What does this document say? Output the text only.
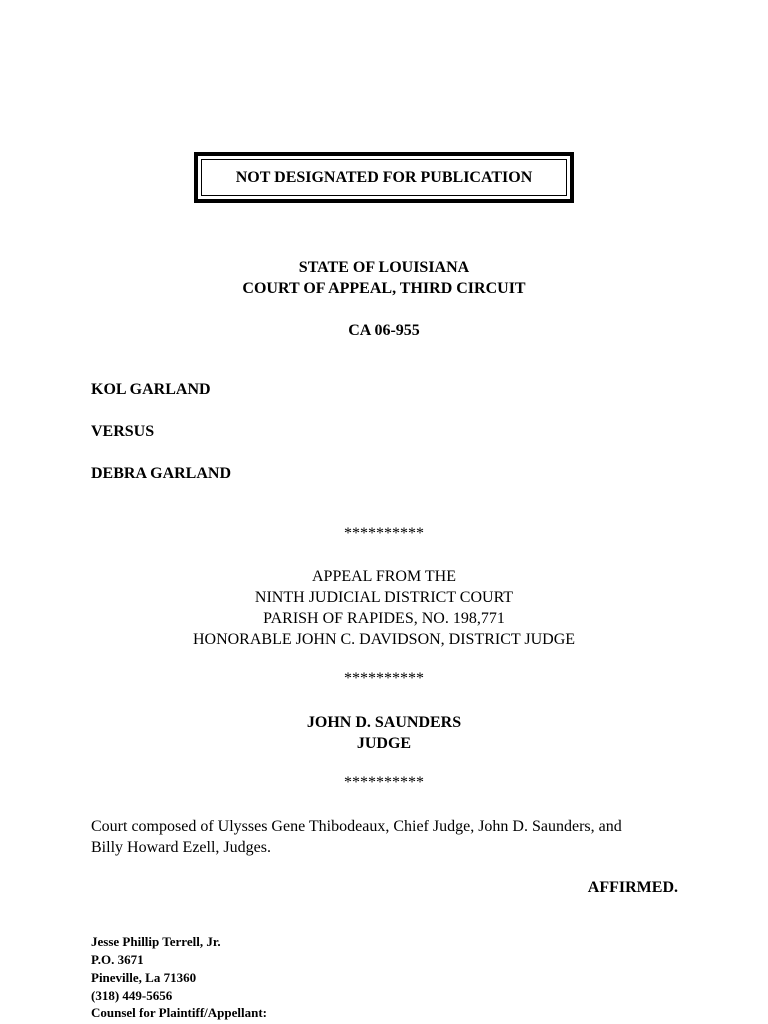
NOT DESIGNATED FOR PUBLICATION
STATE OF LOUISIANA
COURT OF APPEAL, THIRD CIRCUIT
CA 06-955
KOL GARLAND
VERSUS
DEBRA GARLAND
**********
APPEAL FROM THE
NINTH JUDICIAL DISTRICT COURT
PARISH OF RAPIDES, NO. 198,771
HONORABLE JOHN C. DAVIDSON, DISTRICT JUDGE
**********
JOHN D. SAUNDERS
JUDGE
**********
Court composed of Ulysses Gene Thibodeaux, Chief Judge, John D. Saunders, and
Billy Howard Ezell, Judges.
AFFIRMED.
Jesse Phillip Terrell, Jr.
P.O. 3671
Pineville, La 71360
(318) 449-5656
Counsel for Plaintiff/Appellant:
